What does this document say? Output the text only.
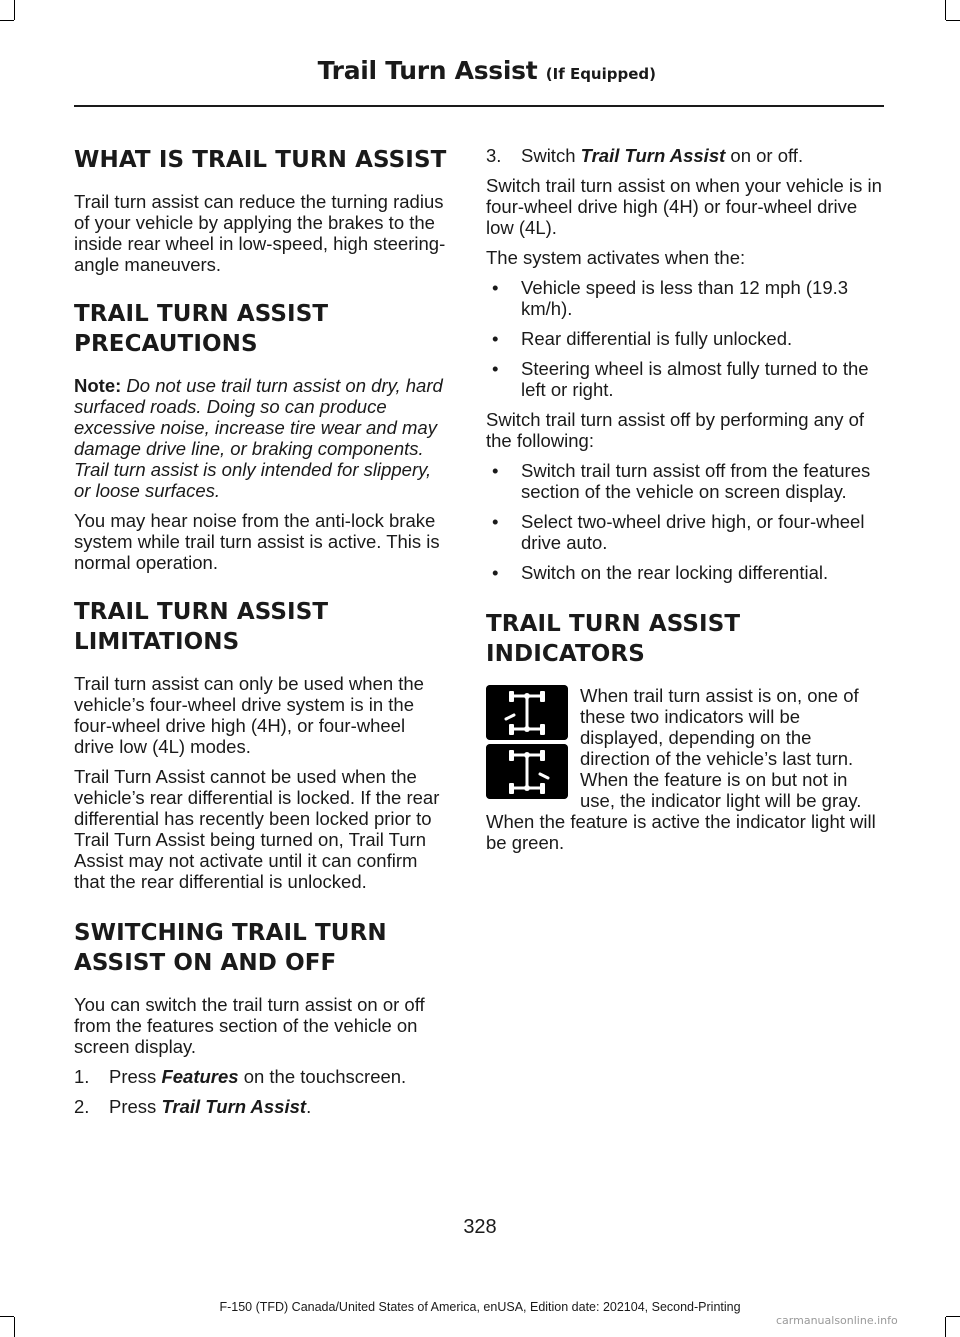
Trail Turn Assist (If Equipped)
WHAT IS TRAIL TURN ASSIST

Trail turn assist can reduce the turning radius of your vehicle by applying the brakes to the inside rear wheel in low-speed, high steering-angle maneuvers.

TRAIL TURN ASSIST
PRECAUTIONS

Note: Do not use trail turn assist on dry, hard surfaced roads. Doing so can produce excessive noise, increase tire wear and may damage drive line, or braking components. Trail turn assist is only intended for slippery, or loose surfaces.

You may hear noise from the anti-lock brake system while trail turn assist is active. This is normal operation.

TRAIL TURN ASSIST
LIMITATIONS

Trail turn assist can only be used when the vehicle’s four-wheel drive system is in the four-wheel drive high (4H), or four-wheel drive low (4L) modes.

Trail Turn Assist cannot be used when the vehicle’s rear differential is locked. If the rear differential has recently been locked prior to Trail Turn Assist being turned on, Trail Turn Assist may not activate until it can confirm that the rear differential is unlocked.

SWITCHING TRAIL TURN
ASSIST ON AND OFF

You can switch the trail turn assist on or off from the features section of the vehicle on screen display.

1. Press Features on the touchscreen.
2. Press Trail Turn Assist.
3. Switch Trail Turn Assist on or off.

Switch trail turn assist on when your vehicle is in four-wheel drive high (4H) or four-wheel drive low (4L).

The system activates when the:

• Vehicle speed is less than 12 mph (19.3 km/h).
• Rear differential is fully unlocked.
• Steering wheel is almost fully turned to the left or right.

Switch trail turn assist off by performing any of the following:

• Switch trail turn assist off from the features section of the vehicle on screen display.
• Select two-wheel drive high, or four-wheel drive auto.
• Switch on the rear locking differential.
TRAIL TURN ASSIST
INDICATORS

When trail turn assist is on, one of these two indicators will be displayed, depending on the direction of the vehicle’s last turn. When the feature is on but not in use, the indicator light will be gray. When the feature is active the indicator light will be green.

328
F-150 (TFD) Canada/United States of America, enUSA, Edition date: 202104, Second-Printing
carmanualsonline.info
